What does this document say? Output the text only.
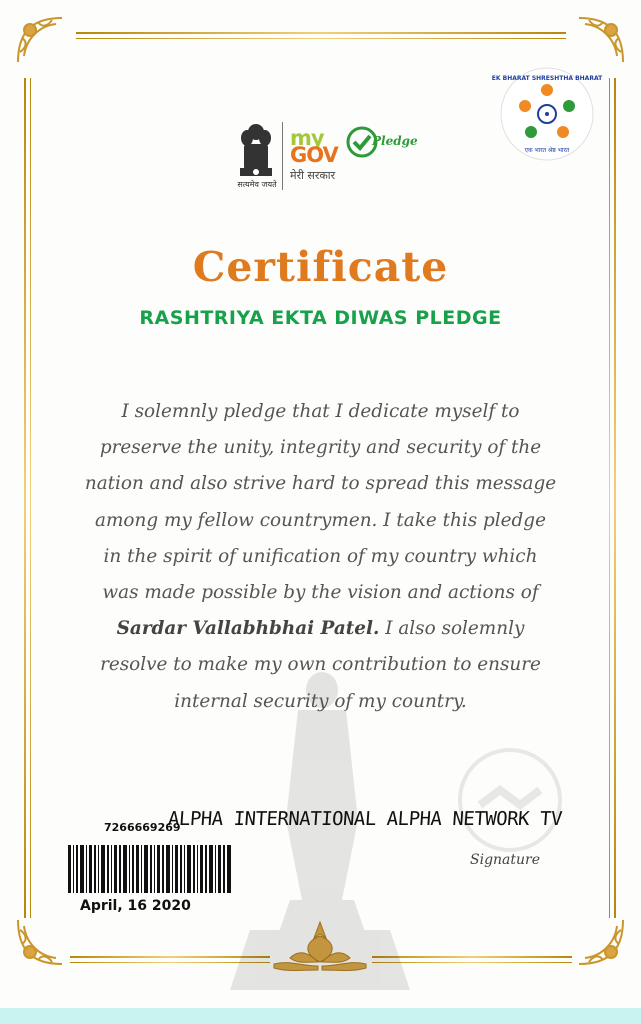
सत्यमेव जयते
my
GOV
मेरी सरकार
Pledge
EK BHARAT SHRESHTHA BHARAT
एक भारत श्रेष्ठ भारत
Certificate
RASHTRIYA EKTA DIWAS PLEDGE
I solemnly pledge that I dedicate myself to
preserve the unity, integrity and security of the
nation and also strive hard to spread this message
among my fellow countrymen. I take this pledge
in the spirit of unification of my country which
was made possible by the vision and actions of
Sardar Vallabhbhai Patel. I also solemnly
resolve to make my own contribution to ensure
internal security of my country.
7266669269
ALPHA INTERNATIONAL ALPHA NETWORK TV
Signature
April, 16 2020
